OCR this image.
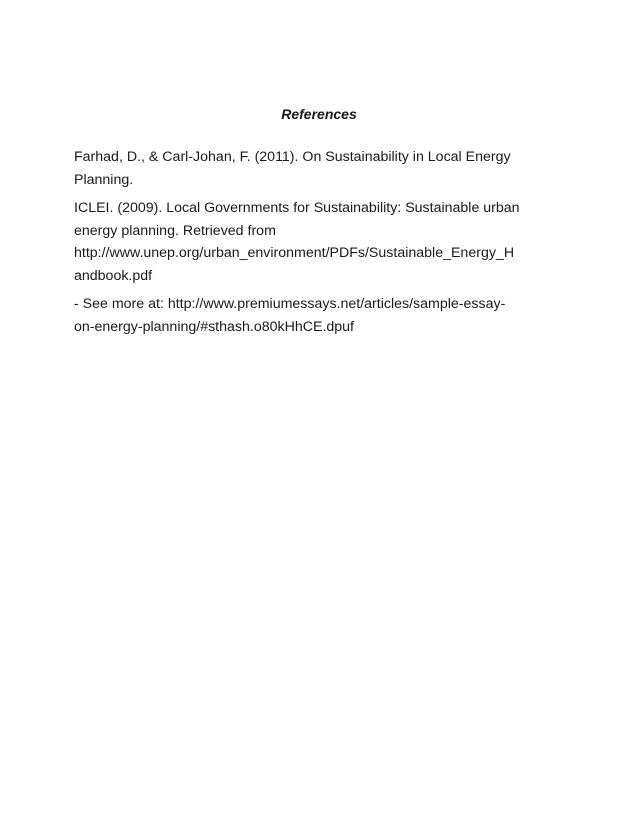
References

Farhad, D., & Carl-Johan, F. (2011). On Sustainability in Local Energy
Planning.

ICLEI. (2009). Local Governments for Sustainability: Sustainable urban
energy planning. Retrieved from
http://www.unep.org/urban_environment/PDFs/Sustainable_Energy_H
andbook.pdf

- See more at: http://www.premiumessays.net/articles/sample-essay-
on-energy-planning/#sthash.o80kHhCE.dpuf
